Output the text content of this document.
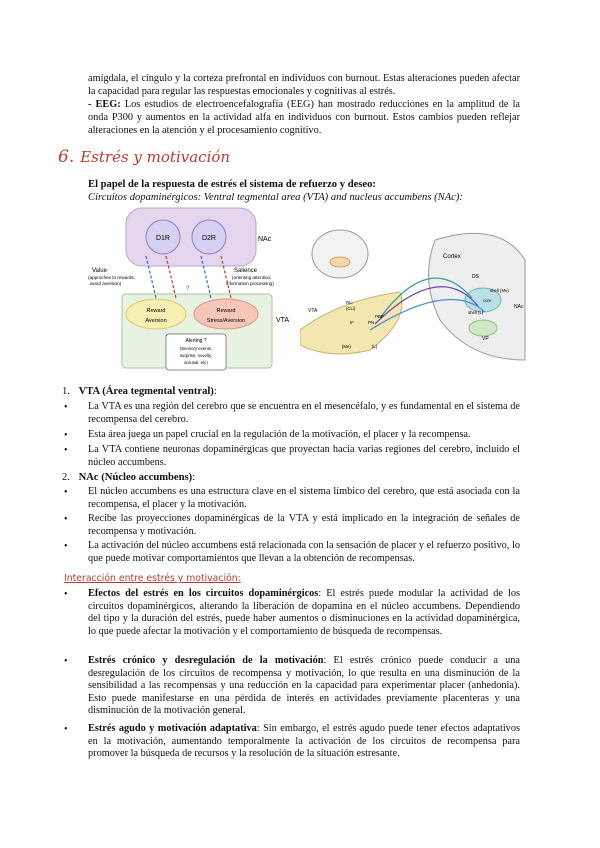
amígdala, el cíngulo y la corteza prefrontal en individuos con burnout. Estas alteraciones pueden afectar la capacidad para regular las respuestas emocionales y cognitivas al estrés.
- EEG: Los estudios de electroencefalografía (EEG) han mostrado reducciones en la amplitud de la onda P300 y aumentos en la actividad alfa en individuos con burnout. Estos cambios pueden reflejar alteraciones en la atención y el procesamiento cognitivo.
6. Estrés y motivación
El papel de la respuesta de estrés el sistema de refuerzo y deseo:
Circuitos dopaminérgicos: Ventral tegmental area (VTA) and nucleus accumbens (NAc):
D1R	D2R	NAc
VTA
Value
(approches to rewards,
avoid aversion)
Salience
(orienting attention,
information processing)
Reward
Aversion
Reward
Stress/Aversion
?
Alerting ?
(Sensory events,
surprise, novelty,
arousal, etc)
Cortex
DS
shell (Me)
core
shell (L)
VP
NAc
VTA
RLi
(CLi)
IF
PBP
PN
(Me)	(L)
1. VTA (Área tegmental ventral):
• La VTA es una región del cerebro que se encuentra en el mesencéfalo, y es fundamental en el sistema de recompensa del cerebro.
• Esta área juega un papel crucial en la regulación de la motivación, el placer y la recompensa.
• La VTA contiene neuronas dopaminérgicas que proyectan hacia varias regiones del cerebro, incluido el núcleo accumbens.
2. NAc (Núcleo accumbens):
• El núcleo accumbens es una estructura clave en el sistema límbico del cerebro, que está asociada con la recompensa, el placer y la motivación.
• Recibe las proyecciones dopaminérgicas de la VTA y está implicado en la integración de señales de recompensa y motivación.
• La activación del núcleo accumbens está relacionada con la sensación de placer y el refuerzo positivo, lo que puede motivar comportamientos que llevan a la obtención de recompensas.
Interacción entre estrés y motivación:
• Efectos del estrés en los circuitos dopaminérgicos: El estrés puede modular la actividad de los circuitos dopaminérgicos, alterando la liberación de dopamina en el núcleo accumbens. Dependiendo del tipo y la duración del estrés, puede haber aumentos o disminuciones en la actividad dopaminérgica, lo que puede afectar la motivación y el comportamiento de búsqueda de recompensas.
• Estrés crónico y desregulación de la motivación: El estrés crónico puede conducir a una desregulación de los circuitos de recompensa y motivación, lo que resulta en una disminución de la sensibilidad a las recompensas y una reducción en la capacidad para experimentar placer (anhedonia). Esto puede manifestarse en una pérdida de interés en actividades previamente placenteras y una disminución de la motivación general.
• Estrés agudo y motivación adaptativa: Sin embargo, el estrés agudo puede tener efectos adaptativos en la motivación, aumentando temporalmente la activación de los circuitos de recompensa para promover la búsqueda de recursos y la resolución de la situación estresante.
